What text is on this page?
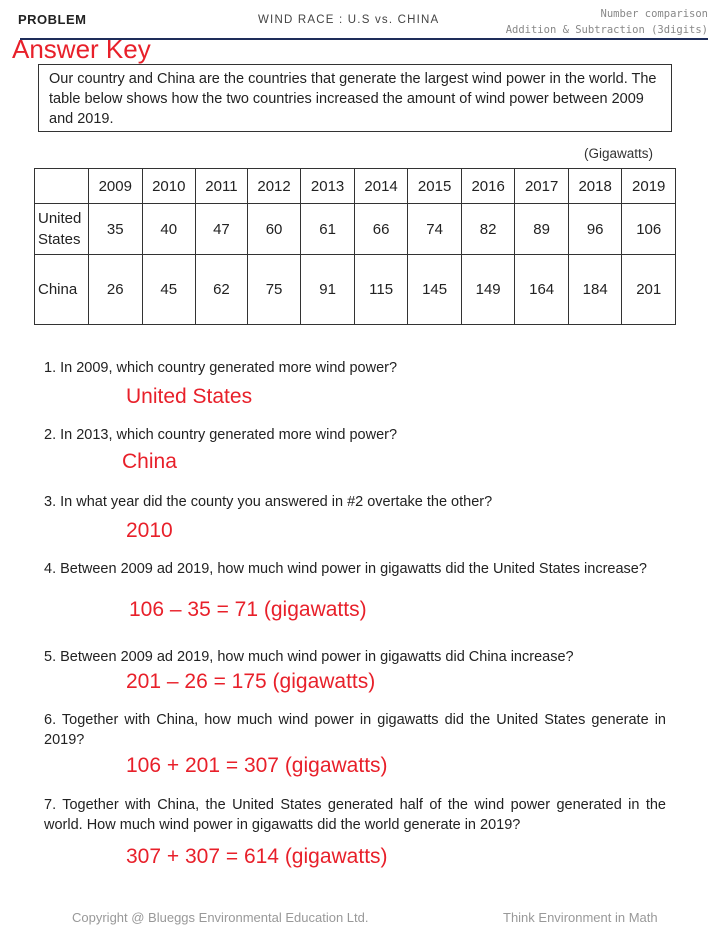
PROBLEM	WIND RACE : U.S vs. CHINA	Number comparison
Addition & Subtraction (3digits)
Answer Key
Our country and China are the countries that generate the largest wind power in the world. The table below shows how the two countries increased the amount of wind power between 2009 and 2019.
(Gigawatts)
	2009	2010	2011	2012	2013	2014	2015	2016	2017	2018	2019

United
States	35	40	47	60	61	66	74	82	89	96	106

China	26	45	62	75	91	115	145	149	164	184	201
1. In 2009, which country generated more wind power?
United States
2. In 2013, which country generated more wind power?
China
3. In what year did the county you answered in #2 overtake the other?
2010
4. Between 2009 ad 2019, how much wind power in gigawatts did the United States increase?
106 – 35 = 71 (gigawatts)
5. Between 2009 ad 2019, how much wind power in gigawatts did China increase?
201 – 26 = 175 (gigawatts)
6. Together with China, how much wind power in gigawatts did the United States generate in 2019?
106 + 201 = 307 (gigawatts)
7. Together with China, the United States generated half of the wind power generated in the world. How much wind power in gigawatts did the world generate in 2019?
307 + 307 = 614 (gigawatts)
Copyright @ Blueggs Environmental Education Ltd.	Think Environment in Math
